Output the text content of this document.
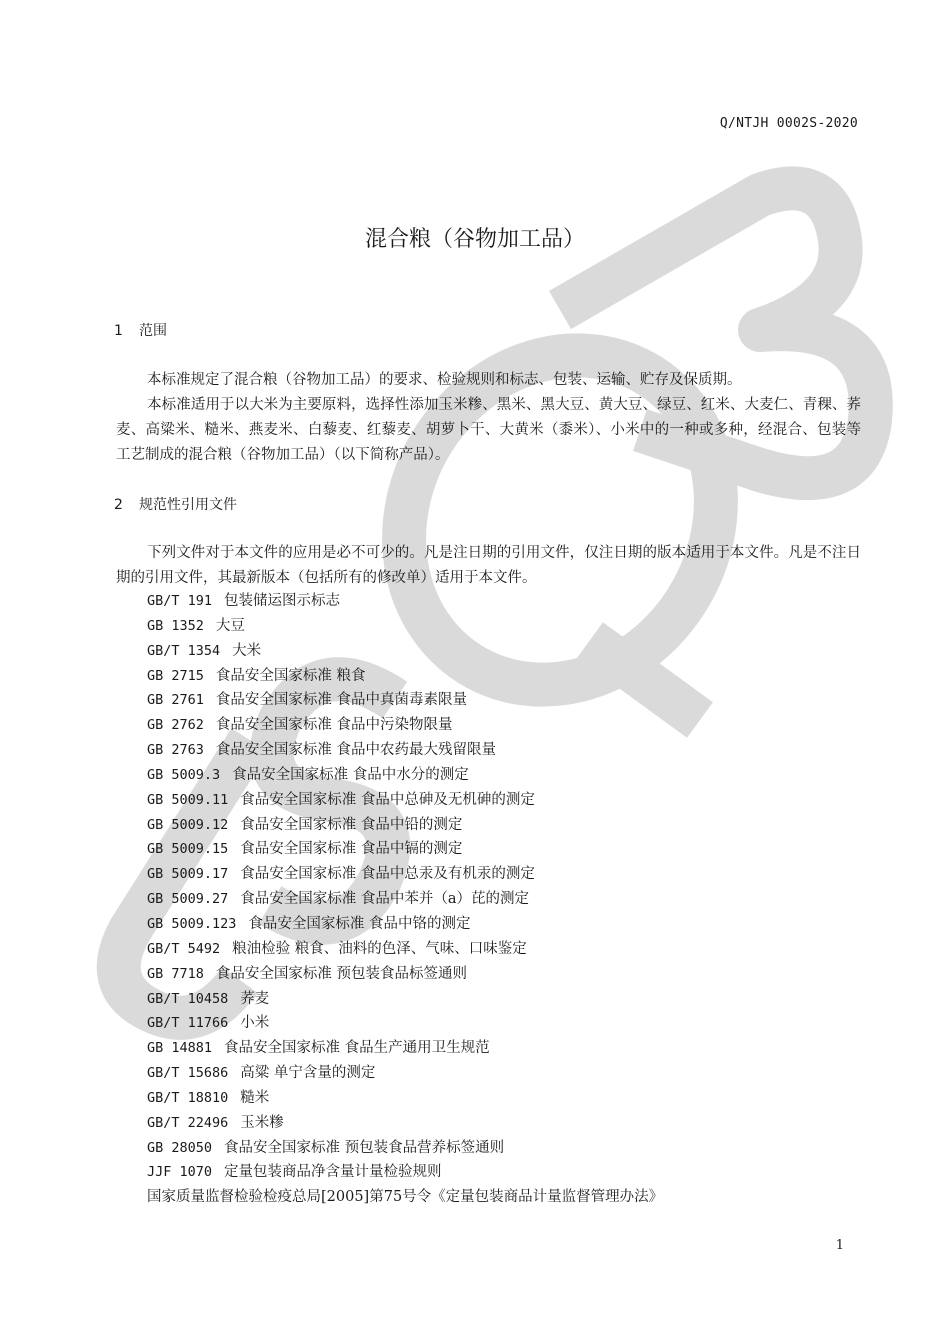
Q/NTJH 0002S-2020
混合粮（谷物加工品）
1 范围

本标准规定了混合粮（谷物加工品）的要求、检验规则和标志、包装、运输、贮存及保质期。

本标准适用于以大米为主要原料，选择性添加玉米糁、黑米、黑大豆、黄大豆、绿豆、红米、大麦仁、青稞、荞麦、高粱米、糙米、燕麦米、白藜麦、红藜麦、胡萝卜干、大黄米（黍米）、小米中的一种或多种，经混合、包装等工艺制成的混合粮（谷物加工品）（以下简称产品）。

2 规范性引用文件

下列文件对于本文件的应用是必不可少的。凡是注日期的引用文件，仅注日期的版本适用于本文件。凡是不注日期的引用文件，其最新版本（包括所有的修改单）适用于本文件。

GB/T 191 包装储运图示标志
GB 1352 大豆
GB/T 1354 大米
GB 2715 食品安全国家标准 粮食
GB 2761 食品安全国家标准 食品中真菌毒素限量
GB 2762 食品安全国家标准 食品中污染物限量
GB 2763 食品安全国家标准 食品中农药最大残留限量
GB 5009.3 食品安全国家标准 食品中水分的测定
GB 5009.11 食品安全国家标准 食品中总砷及无机砷的测定
GB 5009.12 食品安全国家标准 食品中铅的测定
GB 5009.15 食品安全国家标准 食品中镉的测定
GB 5009.17 食品安全国家标准 食品中总汞及有机汞的测定
GB 5009.27 食品安全国家标准 食品中苯并（a）芘的测定
GB 5009.123 食品安全国家标准 食品中铬的测定
GB/T 5492 粮油检验 粮食、油料的色泽、气味、口味鉴定
GB 7718 食品安全国家标准 预包装食品标签通则
GB/T 10458 荞麦
GB/T 11766 小米
GB 14881 食品安全国家标准 食品生产通用卫生规范
GB/T 15686 高粱 单宁含量的测定
GB/T 18810 糙米
GB/T 22496 玉米糁
GB 28050 食品安全国家标准 预包装食品营养标签通则
JJF 1070 定量包装商品净含量计量检验规则
国家质量监督检验检疫总局[2005]第75号令《定量包装商品计量监督管理办法》
1
